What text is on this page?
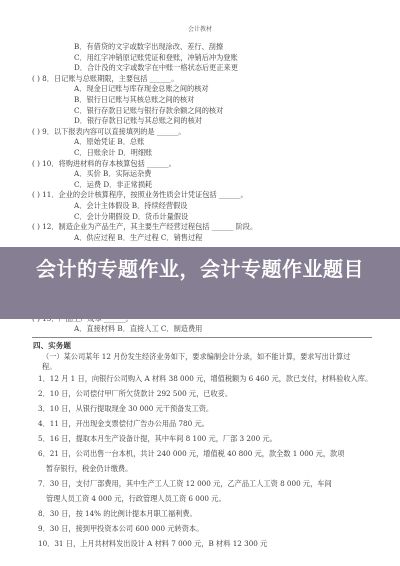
会计教材
B．有借贷的文字或数字出现涂改、差行、刮擦
C．用红字冲销原记账凭证和登账，冲销后冲为登账
D．合计没的文字或数字在中账一格状态后更正来更
( ) 8．日记账与总账期限，主要包括 ______。
A．现金日记账与库存现金总账之间的核对
B．银行日记账与其核总账之间的核对
C．银行存款日记账与银行存款余额之间的核对
D．银行存款日记账与其总账之间的核对
( ) 9．以下报表内容可以直接填列的是 ______。
A．原始凭证 B．总账
C．日账余计 D．明细账
( ) 10．将购进材料的存本核算包括 ______。
A．买价 B．实际运杂费
C．运费 D．非正常损耗
( ) 11．企业的会计核算程序，按照业务性质会计凭证包括 ______。
A．会计主体假设 B．持续经营假设
C．会计分期假设 D．货币计量假设
( ) 12．制造企业为产品生产，其主要生产经营过程包括 ______ 阶段。
A．供应过程 B．生产过程 C．销售过程
A．直接材料 B．直接人工 C．制造费用
四、实务题
（一）某公司某年 12 月份发生经济业务如下，要求编制会计分录，如不能计算，要求写出计算过程。
1．12 月 1 日，向银行公司购入 A 材料 38 000 元，增值税额为 6 460 元，款已支付，材料验收入库。
2．10 日，公司偿付甲厂所欠货款计 292 500 元，已收妥。
3．10 日，从银行提取现金 30 000 元干预备发工资。
4．11 日，开出现金支票偿付广告办公用品 780 元。
5．16 日，提取本月生产设备计提，其中车间 8 100 元，厂部 3 200 元。
6．21 日，公司出售一台本机，共计 240 000 元，增值税 40 800 元，款全数 1 000 元，款项
暂存银行，税金仍计缴费。
7．30 日，支付厂部费用，其中生产工人工资 12 000 元，乙产品工人工资 8 000 元，车间
管理人员工资 4 000 元，行政管理人员工资 6 000 元。
8．30 日，按 14% 的比例计提本月职工福利费。
9．30 日，接到甲投资本公司 600 000 元转资本。
10．31 日，上月共材料发出设计 A 材料 7 000 元，B 材料 12 300 元
会计的专题作业，会计专题作业题目
